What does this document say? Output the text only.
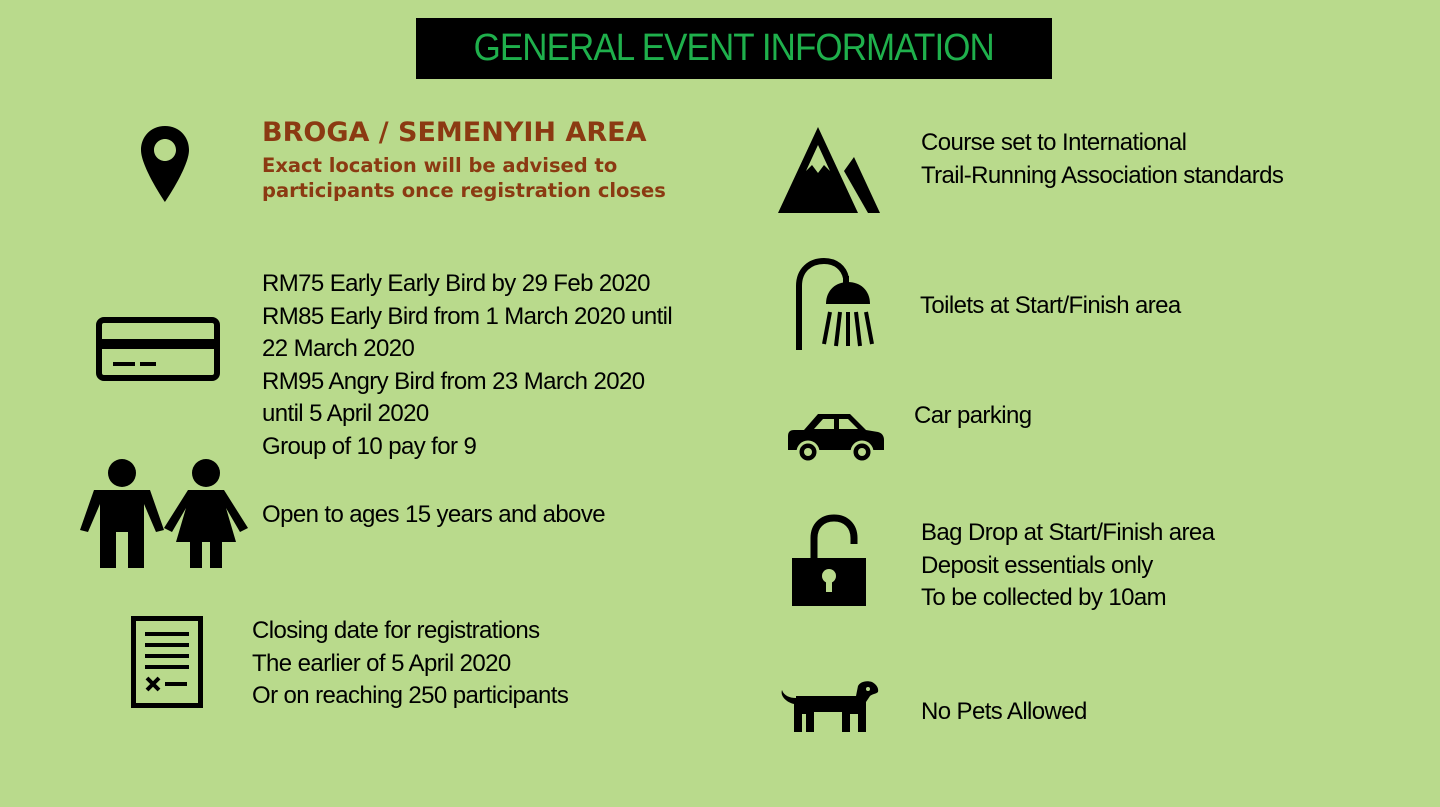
GENERAL EVENT INFORMATION
BROGA / SEMENYIH AREA
Exact location will be advised to
participants once registration closes
RM75 Early Early Bird by 29 Feb 2020
RM85 Early Bird from 1 March 2020 until
22 March 2020
RM95 Angry Bird from 23 March 2020
until 5 April 2020
Group of 10 pay for 9
Open to ages 15 years and above
Closing date for registrations
The earlier of 5 April 2020
Or on reaching 250 participants
Course set to International
Trail-Running Association standards
Toilets at Start/Finish area
Car parking
Bag Drop at Start/Finish area
Deposit essentials only
To be collected by 10am
No Pets Allowed
